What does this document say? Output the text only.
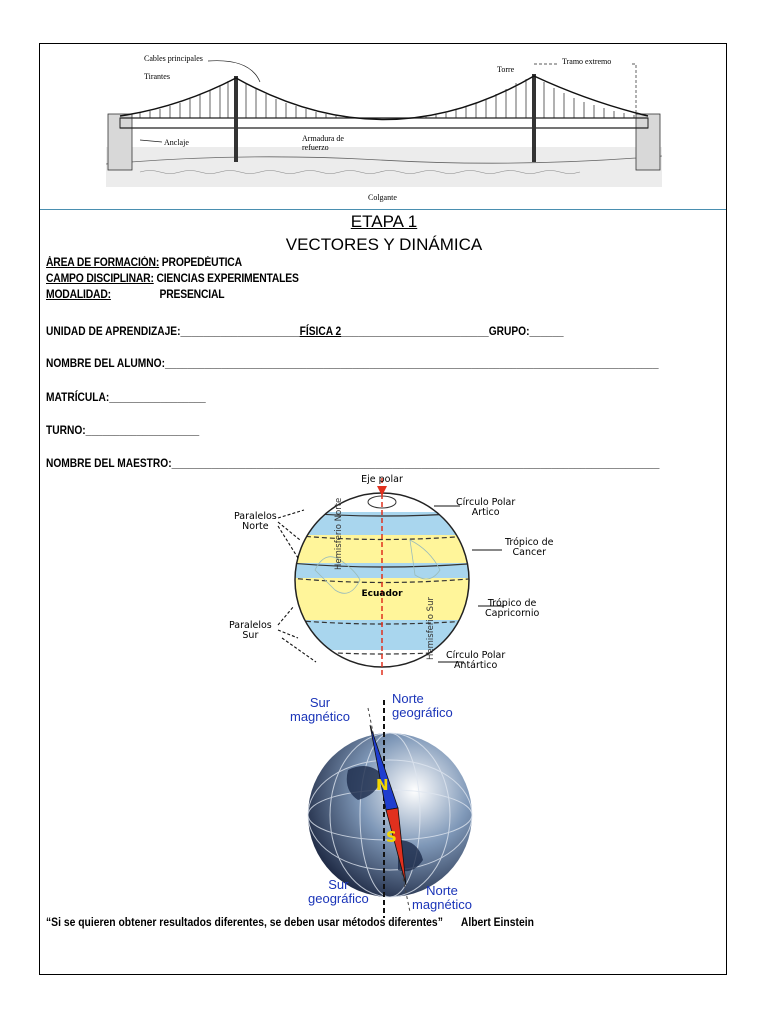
Cables principales
Tirantes
Torre
Tramo extremo
Anclaje	Armadura de
refuerzo
Colgante
ETAPA 1
VECTORES Y DINÁMICA
ÁREA DE FORMACIÓN: PROPEDÉUTICA
CAMPO DISCIPLINAR: CIENCIAS EXPERIMENTALES
MODALIDAD:	PRESENCIAL
UNIDAD DE APRENDIZAJE:_____________________FÍSICA 2__________________________GRUPO:______
NOMBRE DEL ALUMNO:_______________________________________________________________________________________
MATRÍCULA:_________________
TURNO:____________________
NOMBRE DEL MAESTRO:______________________________________________________________________________________
Eje polar
Ecuador
Hemisferio Norte
Hemisferio Sur
Círculo Polar
Artico
Trópico de
Cancer
Trópico de
Capricornio
Círculo Polar
Antártico
Paralelos
Norte
Paralelos
Sur
N
S
Sur
magnético
Norte
geográfico
Sur
geográfico
Norte
magnético
“Si se quieren obtener resultados diferentes, se deben usar métodos diferentes” Albert Einstein
